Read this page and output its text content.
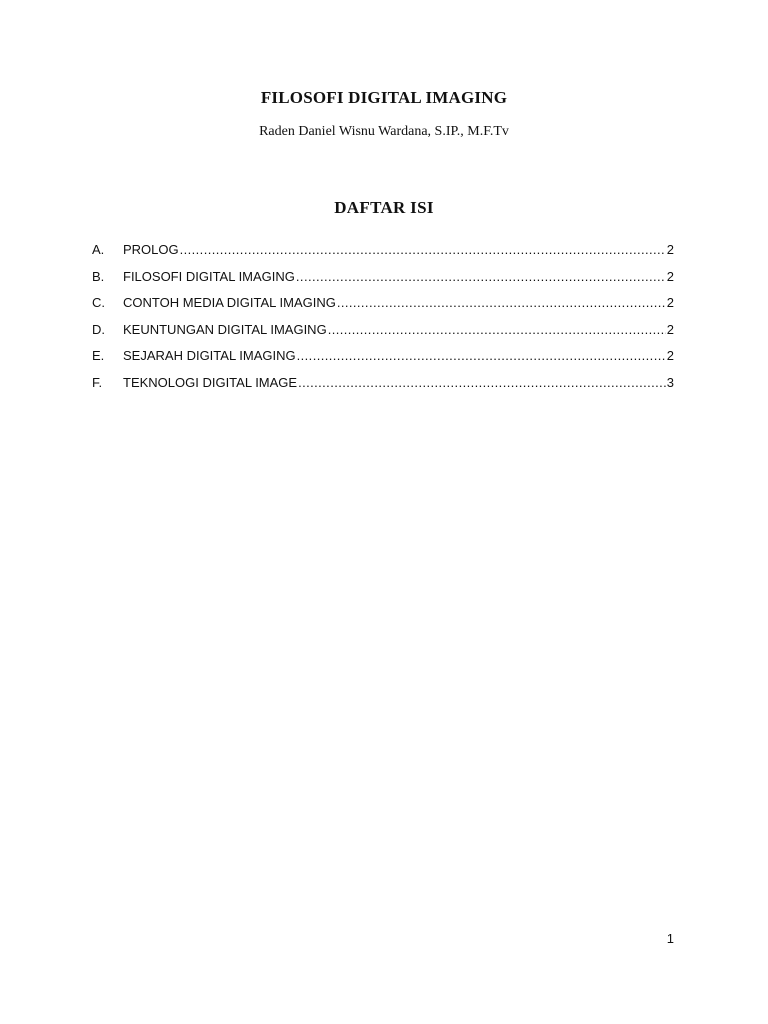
FILOSOFI DIGITAL IMAGING
Raden Daniel Wisnu Wardana, S.IP., M.F.Tv
DAFTAR ISI
A.	PROLOG .....	2
B.	FILOSOFI DIGITAL IMAGING .....	2
C.	CONTOH MEDIA DIGITAL IMAGING .....	2
D.	KEUNTUNGAN DIGITAL IMAGING .....	2
E.	SEJARAH DIGITAL IMAGING .....	2
F.	TEKNOLOGI DIGITAL IMAGE .....	3
1
